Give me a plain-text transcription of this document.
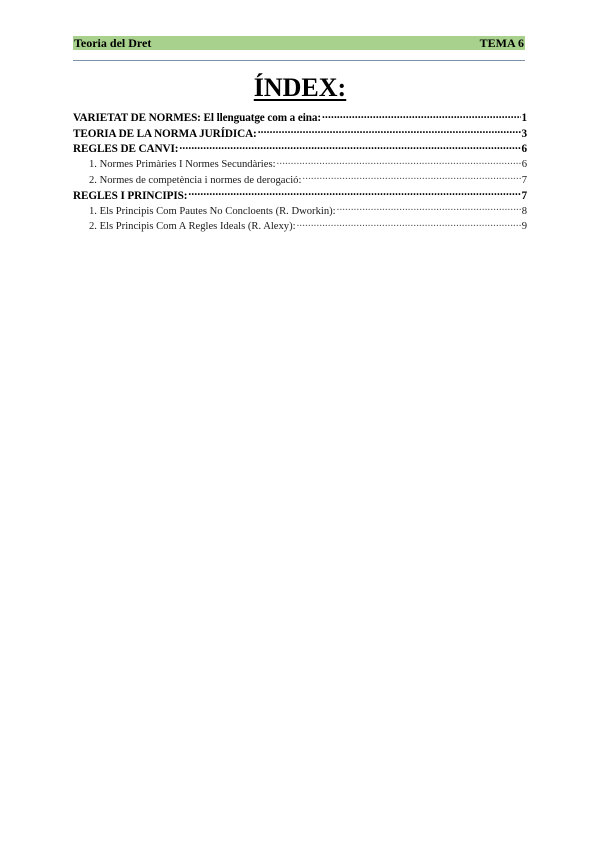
Teoria del Dret	TEMA 6
ÍNDEX:
VARIETAT DE NORMES: El llenguatge com a eina: .....	1
TEORIA DE LA NORMA JURÍDICA: .....	3
REGLES DE CANVI: .....	6
1. Normes Primàries I Normes Secundàries: .....	6
2. Normes de competència i normes de derogació: .....	7
REGLES I PRINCIPIS: .....	7
1. Els Principis Com Pautes No Concloents (R. Dworkin): .....	8
2. Els Principis Com A Regles Ideals (R. Alexy): .....	9
